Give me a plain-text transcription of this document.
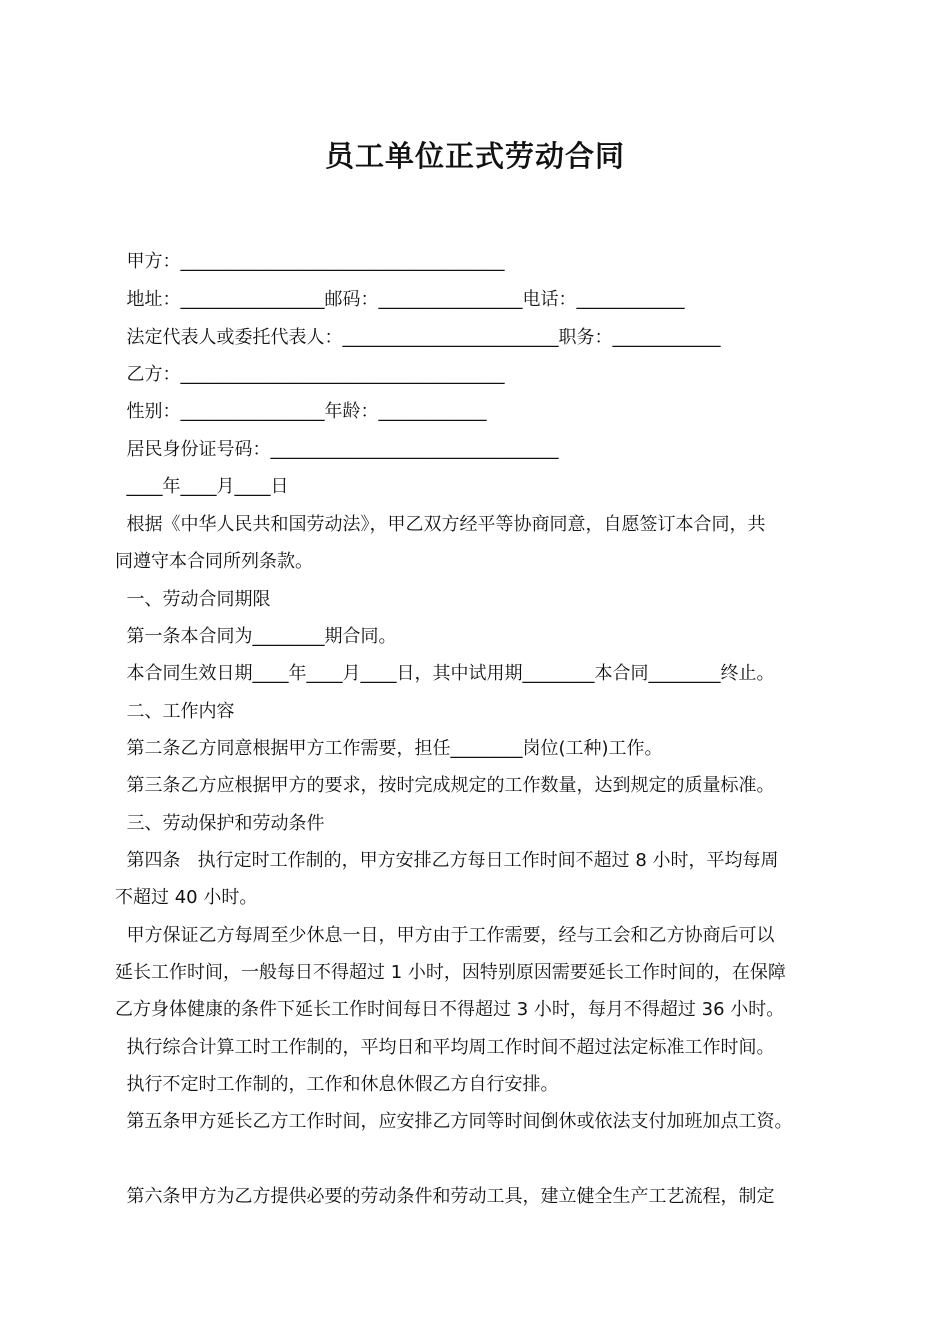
员工单位正式劳动合同
甲方：____________________________________
地址：________________邮码：________________电话：____________
法定代表人或委托代表人：________________________职务：____________
乙方：____________________________________
性别：________________年龄：____________
居民身份证号码：________________________________
____年____月____日
根据《中华人民共和国劳动法》，甲乙双方经平等协商同意，自愿签订本合同，共
同遵守本合同所列条款。
一、劳动合同期限
第一条本合同为________期合同。
本合同生效日期____年____月____日，其中试用期________本合同________终止。
二、工作内容
第二条乙方同意根据甲方工作需要，担任________岗位(工种)工作。
第三条乙方应根据甲方的要求，按时完成规定的工作数量，达到规定的质量标准。
三、劳动保护和劳动条件
第四条   执行定时工作制的，甲方安排乙方每日工作时间不超过 8 小时，平均每周
不超过 40 小时。
甲方保证乙方每周至少休息一日，甲方由于工作需要，经与工会和乙方协商后可以
延长工作时间，一般每日不得超过 1 小时，因特别原因需要延长工作时间的，在保障
乙方身体健康的条件下延长工作时间每日不得超过 3 小时，每月不得超过 36 小时。
执行综合计算工时工作制的，平均日和平均周工作时间不超过法定标准工作时间。
执行不定时工作制的，工作和休息休假乙方自行安排。
第五条甲方延长乙方工作时间，应安排乙方同等时间倒休或依法支付加班加点工资。
第六条甲方为乙方提供必要的劳动条件和劳动工具，建立健全生产工艺流程，制定
